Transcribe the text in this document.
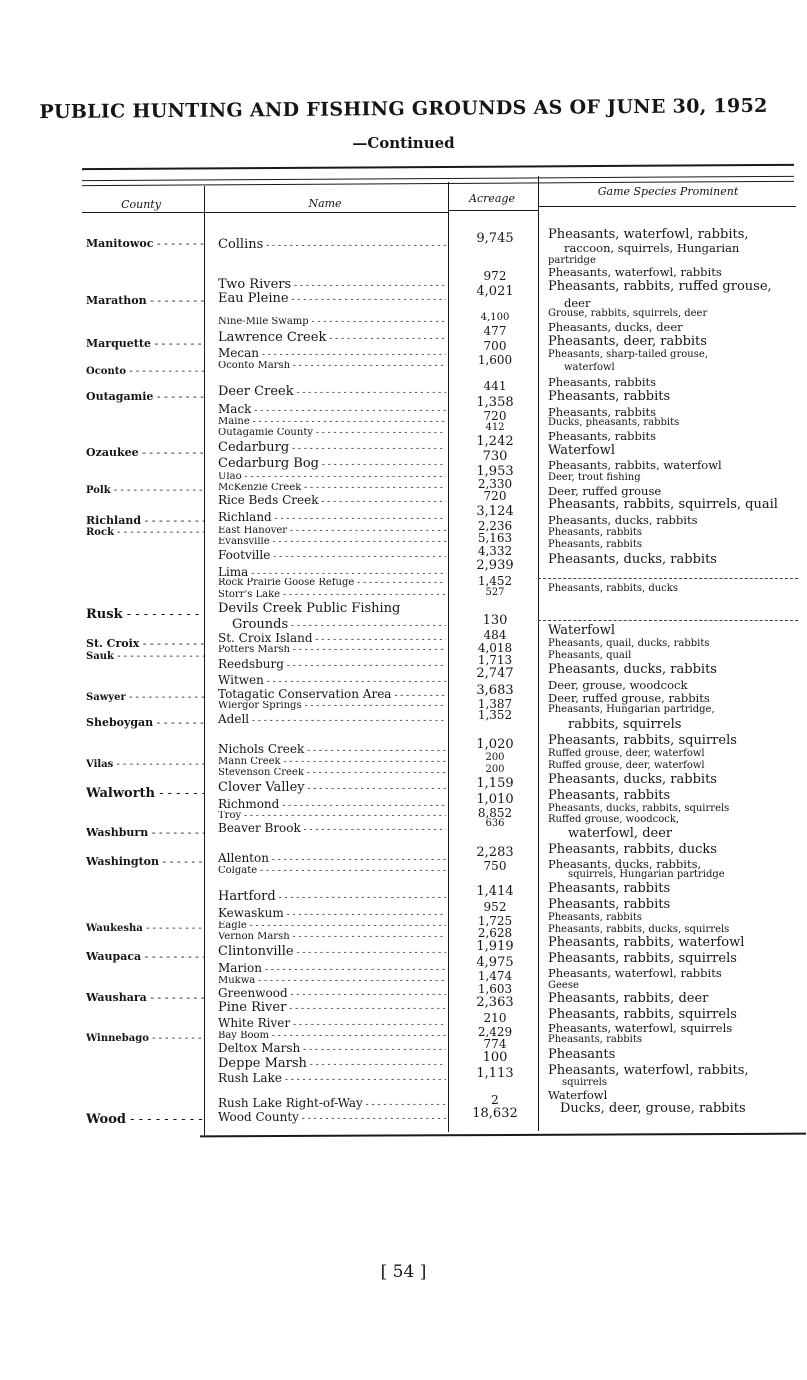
PUBLIC HUNTING AND FISHING GROUNDS AS OF JUNE 30, 1952
—Continued
County	Name	Acreage
Game Species Prominent
Manitowoc - - -
Marathon - - -
Marquette - - -
Oconto - - -
Outagamie - - -
Ozaukee - - -
Polk - - -
Richland - - -
Rock - - -
Rusk - - -
St. Croix - - -
Sauk - - -
Sawyer - - -
Sheboygan - - -
Vilas - - -
Walworth - - -
Washburn - - -
Washington - - -
Waukesha - - -
Waupaca - - -
Waushara - - -
Winnebago - - -
Wood - - -
Collins - - -
Two Rivers - - -
Eau Pleine - - -
Nine-Mile Swamp - - -
Lawrence Creek - - -
Mecan - - -
Oconto Marsh - - -
Deer Creek - - -
Mack - - -
Maine - - -
Outagamie County - - -
Cedarburg - - -
Cedarburg Bog - - -
Ulao - - -
McKenzie Creek - - -
Rice Beds Creek - - -
Richland - - -
East Hanover - - -
Evansville - - -
Footville - - -
Lima - - -
Rock Prairie Goose Refuge - - -
Storr's Lake - - -
Devils Creek Public Fishing
Grounds - - -
St. Croix Island - - -
Potters Marsh - - -
Reedsburg - - -
Witwen - - -
Totagatic Conservation Area - - -
Wiergor Springs - - -
Adell - - -
Nichols Creek - - -
Mann Creek - - -
Stevenson Creek - - -
Clover Valley - - -
Richmond - - -
Troy - - -
Beaver Brook - - -
Allenton - - -
Colgate - - -
Hartford - - -
Kewaskum - - -
Eagle - - -
Vernon Marsh - - -
Clintonville - - -
Marion - - -
Mukwa - - -
Greenwood - - -
Pine River - - -
White River - - -
Bay Boom - - -
Deltox Marsh - - -
Deppe Marsh - - -
Rush Lake - - -
Rush Lake Right-of-Way - - -
Wood County - - -
9,745
972
4,021
4,100
477
700
1,600
441
1,358
720
412
1,242
730
1,953
2,330
720
3,124
2,236
5,163
4,332
2,939
1,452
527
130
484
4,018
1,713
2,747
3,683
1,387
1,352
1,020
200
200
1,159
1,010
8,852
636
2,283
750
1,414
952
1,725
2,628
1,919
4,975
1,474
1,603
2,363
210
2,429
774
100
1,113
2
18,632
Pheasants, waterfowl, rabbits,
raccoon, squirrels, Hungarian
partridge
Pheasants, waterfowl, rabbits
Pheasants, rabbits, ruffed grouse,
deer
Grouse, rabbits, squirrels, deer
Pheasants, ducks, deer
Pheasants, deer, rabbits
Pheasants, sharp-tailed grouse,
waterfowl
Pheasants, rabbits
Pheasants, rabbits
Pheasants, rabbits
Ducks, pheasants, rabbits
Pheasants, rabbits
Waterfowl
Pheasants, rabbits, waterfowl
Deer, trout fishing
Deer, ruffed grouse
Pheasants, rabbits, squirrels, quail
Pheasants, ducks, rabbits
Pheasants, rabbits
Pheasants, rabbits
Pheasants, ducks, rabbits
Pheasants, rabbits, ducks
Waterfowl
Pheasants, quail, ducks, rabbits
Pheasants, quail
Pheasants, ducks, rabbits
Deer, grouse, woodcock
Deer, ruffed grouse, rabbits
Pheasants, Hungarian partridge,
rabbits, squirrels
Pheasants, rabbits, squirrels
Ruffed grouse, deer, waterfowl
Ruffed grouse, deer, waterfowl
Pheasants, ducks, rabbits
Pheasants, rabbits
Pheasants, ducks, rabbits, squirrels
Ruffed grouse, woodcock,
waterfowl, deer
Pheasants, rabbits, ducks
Pheasants, ducks, rabbits,
squirrels, Hungarian partridge
Pheasants, rabbits
Pheasants, rabbits
Pheasants, rabbits
Pheasants, rabbits, ducks, squirrels
Pheasants, rabbits, waterfowl
Pheasants, rabbits, squirrels
Pheasants, waterfowl, rabbits
Geese
Pheasants, rabbits, deer
Pheasants, rabbits, squirrels
Pheasants, waterfowl, squirrels
Pheasants, rabbits
Pheasants
Pheasants, waterfowl, rabbits,
squirrels
Waterfowl
Ducks, deer, grouse, rabbits
[ 54 ]
